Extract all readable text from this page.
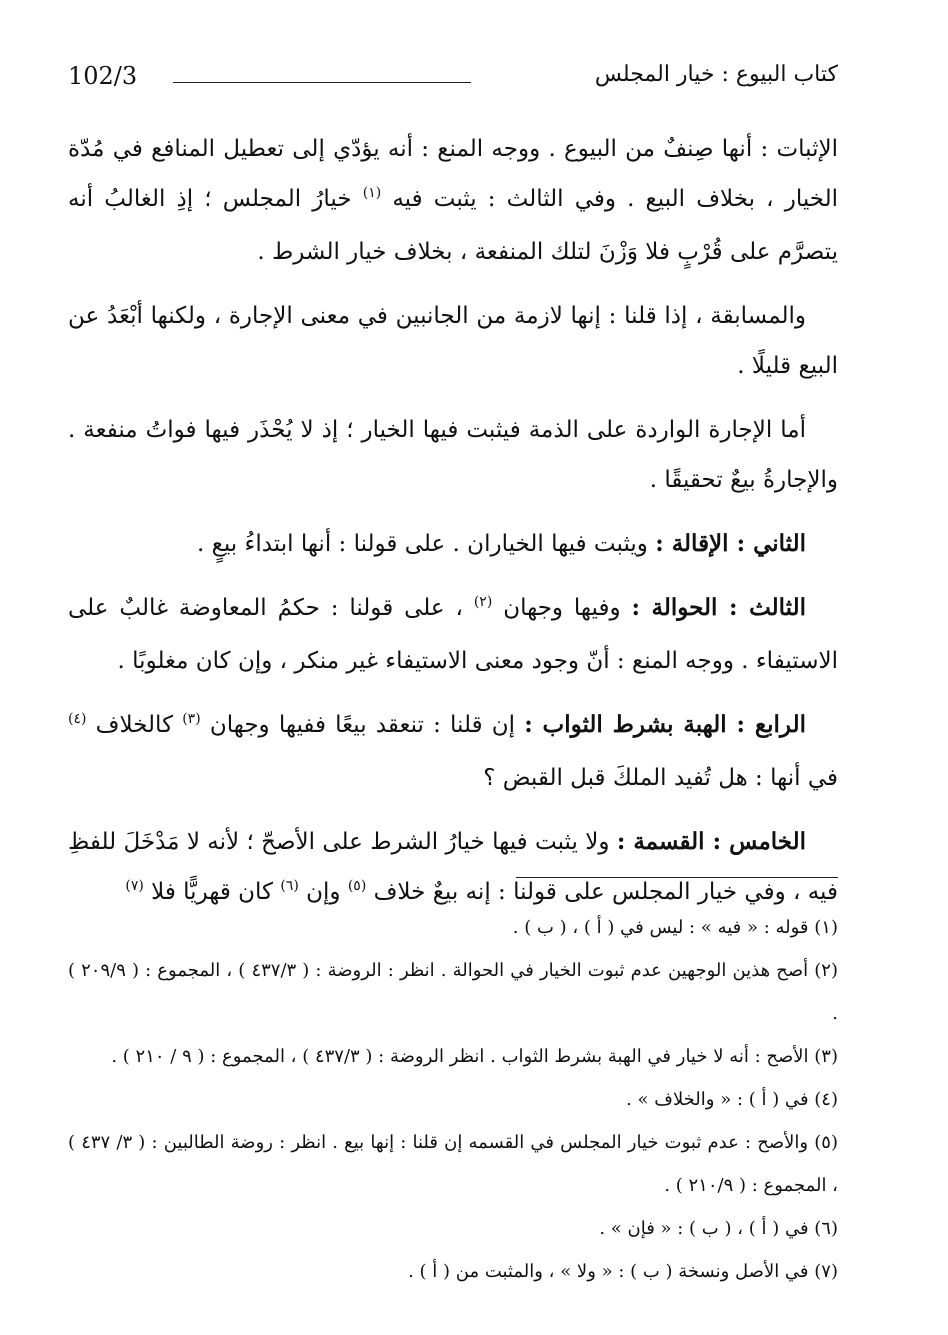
102/3	كتاب البيوع : خيار المجلس

الإثبات : أنها صِنفٌ من البيوع . ووجه المنع : أنه يؤدّي إلى تعطيل المنافع في مُدّة الخيار ، بخلاف البيع . وفي الثالث : يثبت فيه $^{(١)}$ خيارُ المجلس ؛ إذِ الغالبُ أنه يتصرَّم على قُرْبٍ فلا وَزْنَ لتلك المنفعة ، بخلاف خيار الشرط .

والمسابقة ، إذا قلنا : إنها لازمة من الجانبين في معنى الإجارة ، ولكنها أبْعَدُ عن البيع قليلًا .

أما الإجارة الواردة على الذمة فيثبت فيها الخيار ؛ إذ لا يُحْذَر فيها فواتُ منفعة . والإجارةُ بيعٌ تحقيقًا .

الثاني : الإقالة : ويثبت فيها الخياران . على قولنا : أنها ابتداءُ بيعٍ .

الثالث : الحوالة : وفيها وجهان $^{(٢)}$ ، على قولنا : حكمُ المعاوضة غالبٌ على الاستيفاء . ووجه المنع : أنّ وجود معنى الاستيفاء غير منكر ، وإن كان مغلوبًا .

الرابع : الهبة بشرط الثواب : إن قلنا : تنعقد بيعًا ففيها وجهان $^{(٣)}$ كالخلاف $^{(٤)}$ في أنها : هل تُفيد الملكَ قبل القبض ؟

الخامس : القسمة : ولا يثبت فيها خيارُ الشرط على الأصحّ ؛ لأنه لا مَدْخَلَ للفظِ فيه ، وفي خيار المجلس على قولنا : إنه بيعٌ خلاف $^{(٥)}$ وإن $^{(٦)}$ كان قهريًّا فلا $^{(٧)}$

(١) قوله : « فيه » : ليس في ( أ ) ، ( ب ) .

(٢) أصح هذين الوجهين عدم ثبوت الخيار في الحوالة . انظر : الروضة : ( ٤٣٧/٣ ) ، المجموع : ( ٢٠٩/٩ ) .

(٣) الأصح : أنه لا خيار في الهبة بشرط الثواب . انظر الروضة : ( ٤٣٧/٣ ) ، المجموع : ( ٩ / ٢١٠ ) .

(٤) في ( أ ) : « والخلاف » .

(٥) والأصح : عدم ثبوت خيار المجلس في القسمه إن قلنا : إنها بيع . انظر : روضة الطالبين : ( ٣/ ٤٣٧ ) ، المجموع : ( ٢١٠/٩ ) .

(٦) في ( أ ) ، ( ب ) : « فإن » .

(٧) في الأصل ونسخة ( ب ) : « ولا » ، والمثبت من ( أ ) .
